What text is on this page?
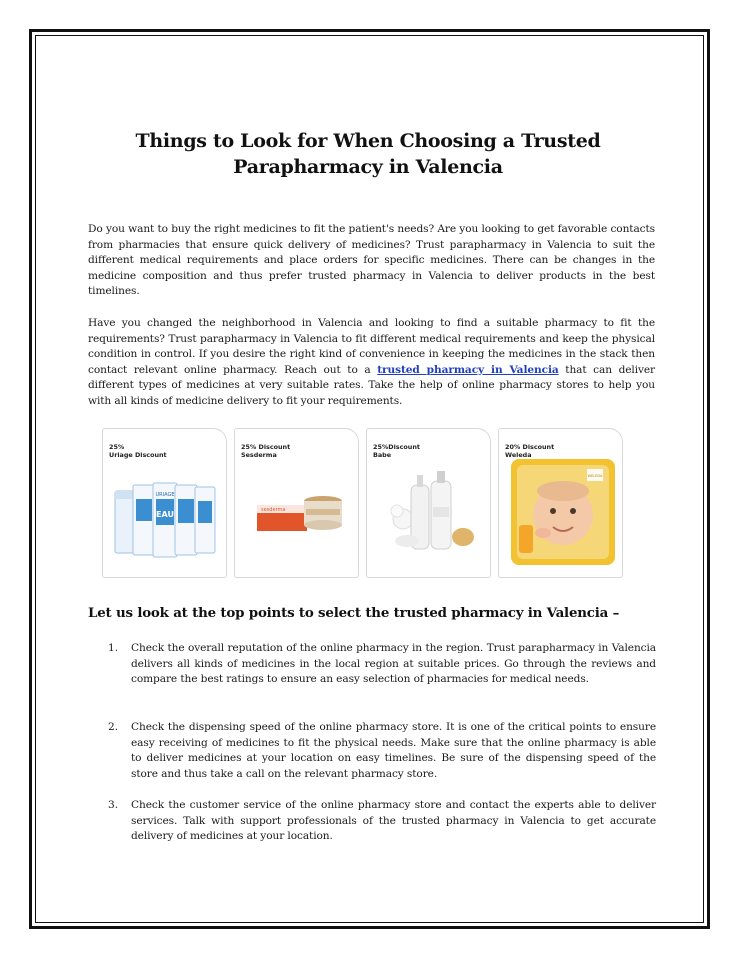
Things to Look for When Choosing a Trusted
Parapharmacy in Valencia

Do you want to buy the right medicines to fit the patient's needs? Are you looking to get favorable contacts from pharmacies that ensure quick delivery of medicines? Trust parapharmacy in Valencia to suit the different medical requirements and place orders for specific medicines. There can be changes in the medicine composition and thus prefer trusted pharmacy in Valencia to deliver products in the best timelines.

Have you changed the neighborhood in Valencia and looking to find a suitable pharmacy to fit the requirements? Trust parapharmacy in Valencia to fit different medical requirements and keep the physical condition in control. If you desire the right kind of convenience in keeping the medicines in the stack then contact relevant online pharmacy. Reach out to a trusted pharmacy in Valencia that can deliver different types of medicines at very suitable rates. Take the help of online pharmacy stores to help you with all kinds of medicine delivery to fit your requirements.

URIAGE
EAU
25%
Uriage Discount
sesderma
25% Discount
Sesderma
25%Discount
Babe
WELEDA
20% Discount
Weleda
Let us look at the top points to select the trusted pharmacy in Valencia –
1. Check the overall reputation of the online pharmacy in the region. Trust parapharmacy in Valencia delivers all kinds of medicines in the local region at suitable prices. Go through the reviews and compare the best ratings to ensure an easy selection of pharmacies for medical needs.

2. Check the dispensing speed of the online pharmacy store. It is one of the critical points to ensure easy receiving of medicines to fit the physical needs. Make sure that the online pharmacy is able to deliver medicines at your location on easy timelines. Be sure of the dispensing speed of the store and thus take a call on the relevant pharmacy store.

3. Check the customer service of the online pharmacy store and contact the experts able to deliver services. Talk with support professionals of the trusted pharmacy in Valencia to get accurate delivery of medicines at your location.
